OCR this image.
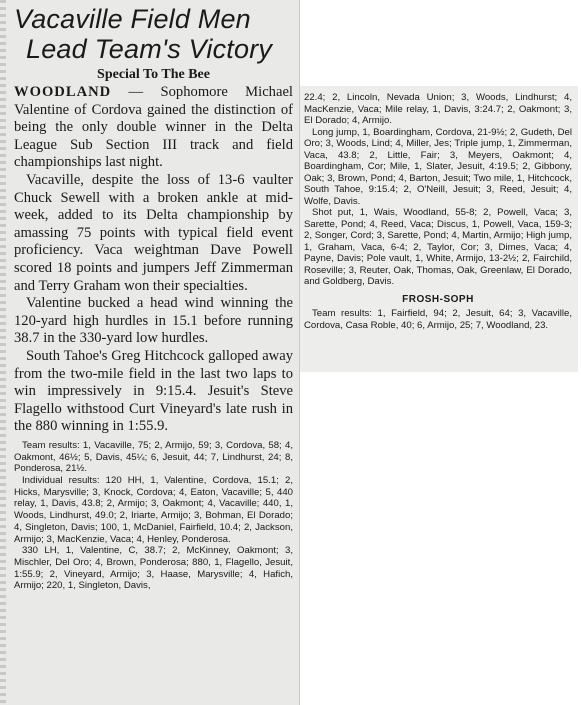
Vacaville Field Men
Lead Team's Victory
Special To The Bee

WOODLAND — Sophomore Michael Valentine of Cordova gained the distinction of being the only double winner in the Delta League Sub Section III track and field championships last night.

Vacaville, despite the loss of 13-6 vaulter Chuck Sewell with a broken ankle at mid-week, added to its Delta championship by amassing 75 points with typical field event proficiency. Vaca weightman Dave Powell scored 18 points and jumpers Jeff Zimmerman and Terry Graham won their specialties.

Valentine bucked a head wind winning the 120-yard high hurdles in 15.1 before running 38.7 in the 330-yard low hurdles.

South Tahoe's Greg Hitchcock galloped away from the two-mile field in the last two laps to win impressively in 9:15.4. Jesuit's Steve Flagello withstood Curt Vineyard's late rush in the 880 winning in 1:55.9.

Team results: 1, Vacaville, 75; 2, Armijo, 59; 3, Cordova, 58; 4, Oakmont, 46½; 5, Davis, 45¼; 6, Jesuit, 44; 7, Lindhurst, 24; 8, Ponderosa, 21½.

Individual results: 120 HH, 1, Valentine, Cordova, 15.1; 2, Hicks, Marysville; 3, Knock, Cordova; 4, Eaton, Vacaville; 5, 440 relay, 1, Davis, 43.8; 2, Armijo; 3, Oakmont; 4, Vacaville; 440, 1, Woods, Lindhurst, 49.0; 2, Iriarte, Armijo; 3, Bohman, El Dorado; 4, Singleton, Davis; 100, 1, McDaniel, Fairfield, 10.4; 2, Jackson, Armijo; 3, MacKenzie, Vaca; 4, Henley, Ponderosa.

330 LH, 1, Valentine, C, 38.7; 2, McKinney, Oakmont; 3, Mischler, Del Oro; 4, Brown, Ponderosa; 880, 1, Flagello, Jesuit, 1:55.9; 2, Vineyard, Armijo; 3, Haase, Marysville; 4, Hafich, Armijo; 220, 1, Singleton, Davis,

22.4; 2, Lincoln, Nevada Union; 3, Woods, Lindhurst; 4, MacKenzie, Vaca; Mile relay, 1, Davis, 3:24.7; 2, Oakmont; 3, El Dorado; 4, Armijo.

Long jump, 1, Boardingham, Cordova, 21-9½; 2, Gudeth, Del Oro; 3, Woods, Lind; 4, Miller, Jes; Triple jump, 1, Zimmerman, Vaca, 43.8; 2, Little, Fair; 3, Meyers, Oakmont; 4, Boardingham, Cor; Mile, 1, Slater, Jesuit, 4:19.5; 2, Gibbony, Oak; 3, Brown, Pond; 4, Barton, Jesuit; Two mile, 1, Hitchcock, South Tahoe, 9:15.4; 2, O'Neill, Jesuit; 3, Reed, Jesuit; 4, Wolfe, Davis.

Shot put, 1, Wais, Woodland, 55-8; 2, Powell, Vaca; 3, Sarette, Pond; 4, Reed, Vaca; Discus, 1, Powell, Vaca, 159-3; 2, Songer, Cord; 3, Sarette, Pond; 4, Martin, Armijo; High jump, 1, Graham, Vaca, 6-4; 2, Taylor, Cor; 3, Dimes, Vaca; 4, Payne, Davis; Pole vault, 1, White, Armijo, 13-2½; 2, Fairchild, Roseville; 3, Reuter, Oak, Thomas, Oak, Greenlaw, El Dorado, and Goldberg, Davis.

FROSH-SOPH

Team results: 1, Fairfield, 94; 2, Jesuit, 64; 3, Vacaville, Cordova, Casa Roble, 40; 6, Armijo, 25; 7, Woodland, 23.
